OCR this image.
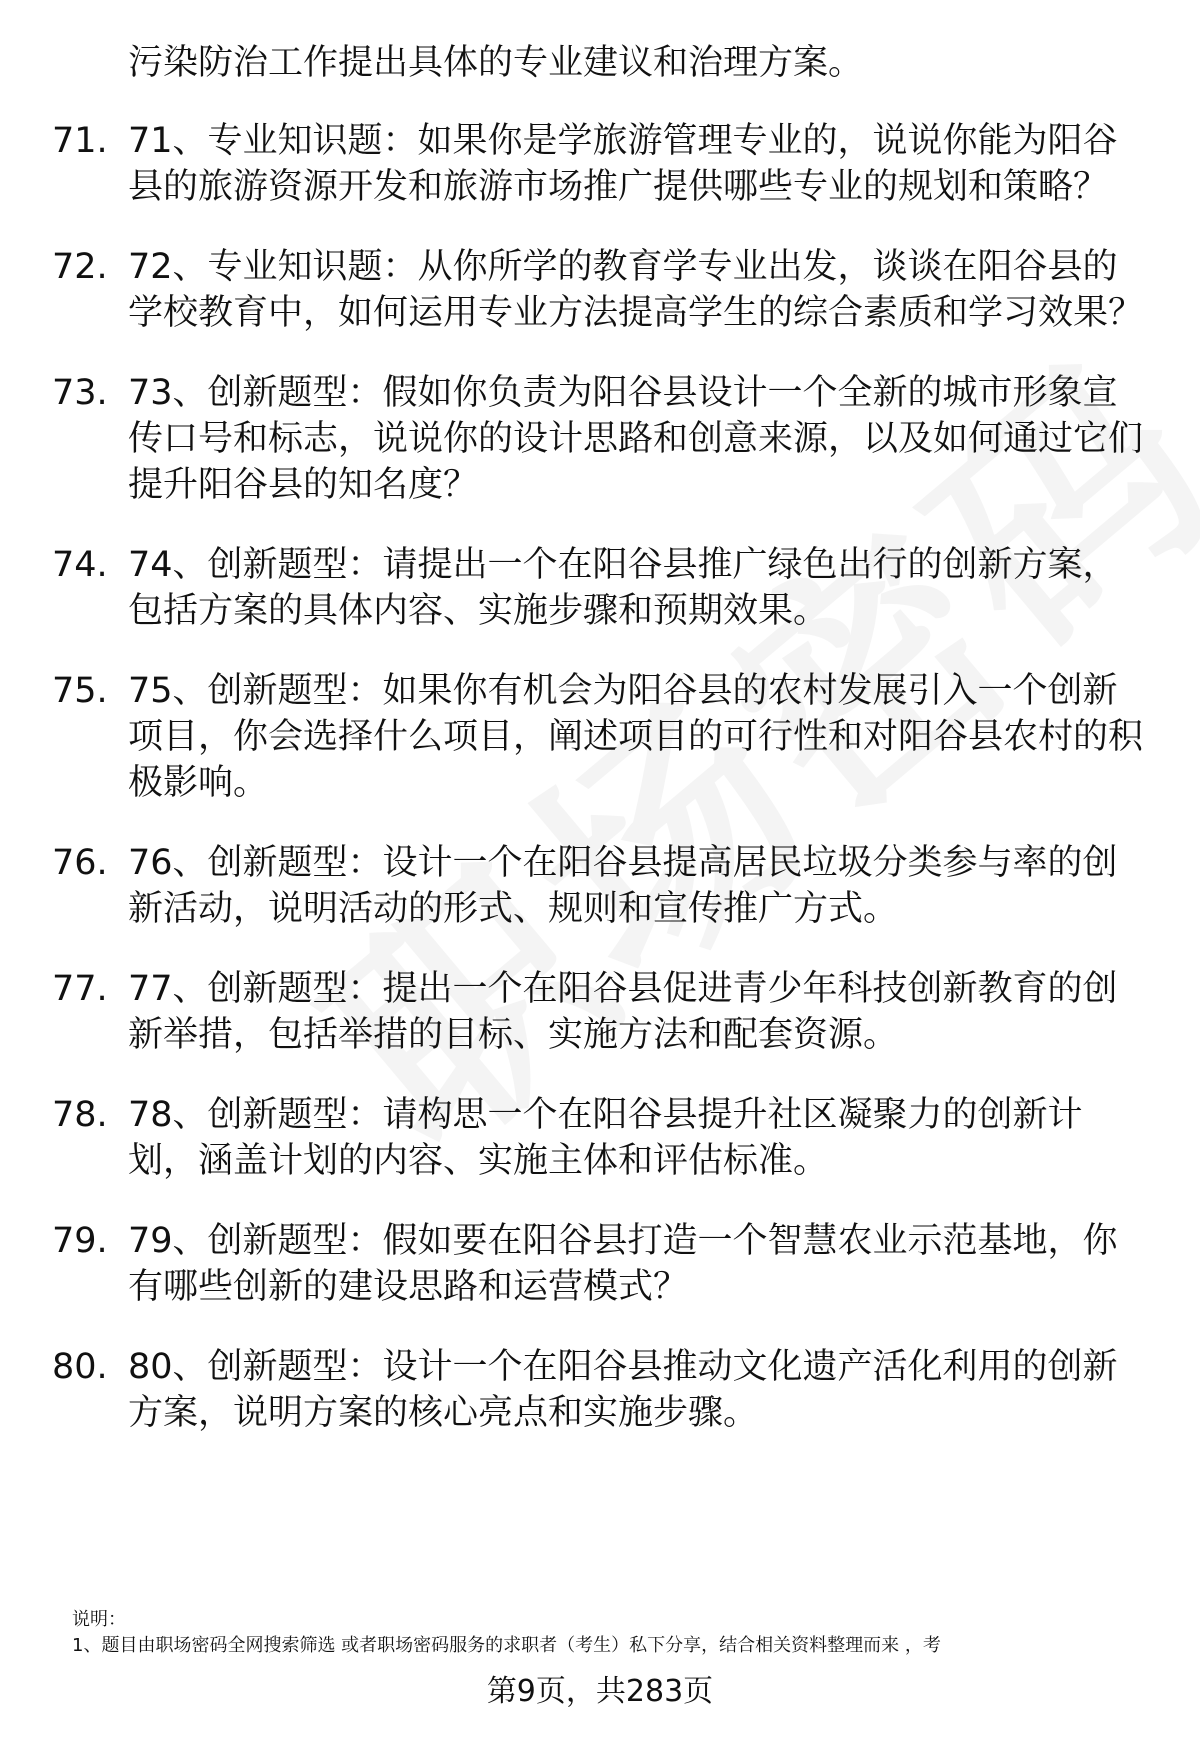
污染防治工作提出具体的专业建议和治理方案。
71. 71、专业知识题：如果你是学旅游管理专业的，说说你能为阳谷县的旅游资源开发和旅游市场推广提供哪些专业的规划和策略？
72. 72、专业知识题：从你所学的教育学专业出发，谈谈在阳谷县的学校教育中，如何运用专业方法提高学生的综合素质和学习效果？
73. 73、创新题型：假如你负责为阳谷县设计一个全新的城市形象宣传口号和标志，说说你的设计思路和创意来源，以及如何通过它们提升阳谷县的知名度？
74. 74、创新题型：请提出一个在阳谷县推广绿色出行的创新方案，包括方案的具体内容、实施步骤和预期效果。
75. 75、创新题型：如果你有机会为阳谷县的农村发展引入一个创新项目，你会选择什么项目，阐述项目的可行性和对阳谷县农村的积极影响。
76. 76、创新题型：设计一个在阳谷县提高居民垃圾分类参与率的创新活动，说明活动的形式、规则和宣传推广方式。
77. 77、创新题型：提出一个在阳谷县促进青少年科技创新教育的创新举措，包括举措的目标、实施方法和配套资源。
78. 78、创新题型：请构思一个在阳谷县提升社区凝聚力的创新计划，涵盖计划的内容、实施主体和评估标准。
79. 79、创新题型：假如要在阳谷县打造一个智慧农业示范基地，你有哪些创新的建设思路和运营模式？
80. 80、创新题型：设计一个在阳谷县推动文化遗产活化利用的创新方案，说明方案的核心亮点和实施步骤。
说明：
1、题目由职场密码全网搜索筛选 或者职场密码服务的求职者（考生）私下分享，结合相关资料整理而来 ，考
第9页，共283页
